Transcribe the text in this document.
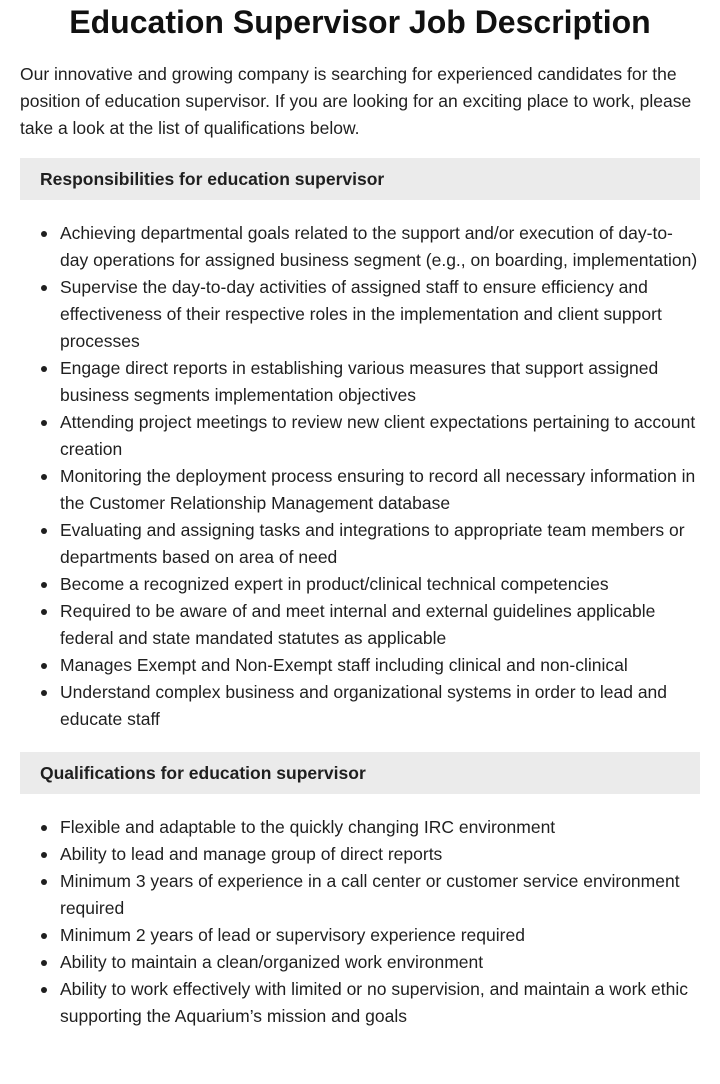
Education Supervisor Job Description

Our innovative and growing company is searching for experienced candidates for the position of education supervisor. If you are looking for an exciting place to work, please take a look at the list of qualifications below.

Responsibilities for education supervisor
Achieving departmental goals related to the support and/or execution of day-to-day operations for assigned business segment (e.g., on boarding, implementation)
Supervise the day-to-day activities of assigned staff to ensure efficiency and effectiveness of their respective roles in the implementation and client support processes
Engage direct reports in establishing various measures that support assigned business segments implementation objectives
Attending project meetings to review new client expectations pertaining to account creation
Monitoring the deployment process ensuring to record all necessary information in the Customer Relationship Management database
Evaluating and assigning tasks and integrations to appropriate team members or departments based on area of need
Become a recognized expert in product/clinical technical competencies
Required to be aware of and meet internal and external guidelines applicable federal and state mandated statutes as applicable
Manages Exempt and Non-Exempt staff including clinical and non-clinical
Understand complex business and organizational systems in order to lead and educate staff
Qualifications for education supervisor
Flexible and adaptable to the quickly changing IRC environment
Ability to lead and manage group of direct reports
Minimum 3 years of experience in a call center or customer service environment required
Minimum 2 years of lead or supervisory experience required
Ability to maintain a clean/organized work environment
Ability to work effectively with limited or no supervision, and maintain a work ethic supporting the Aquarium’s mission and goals
